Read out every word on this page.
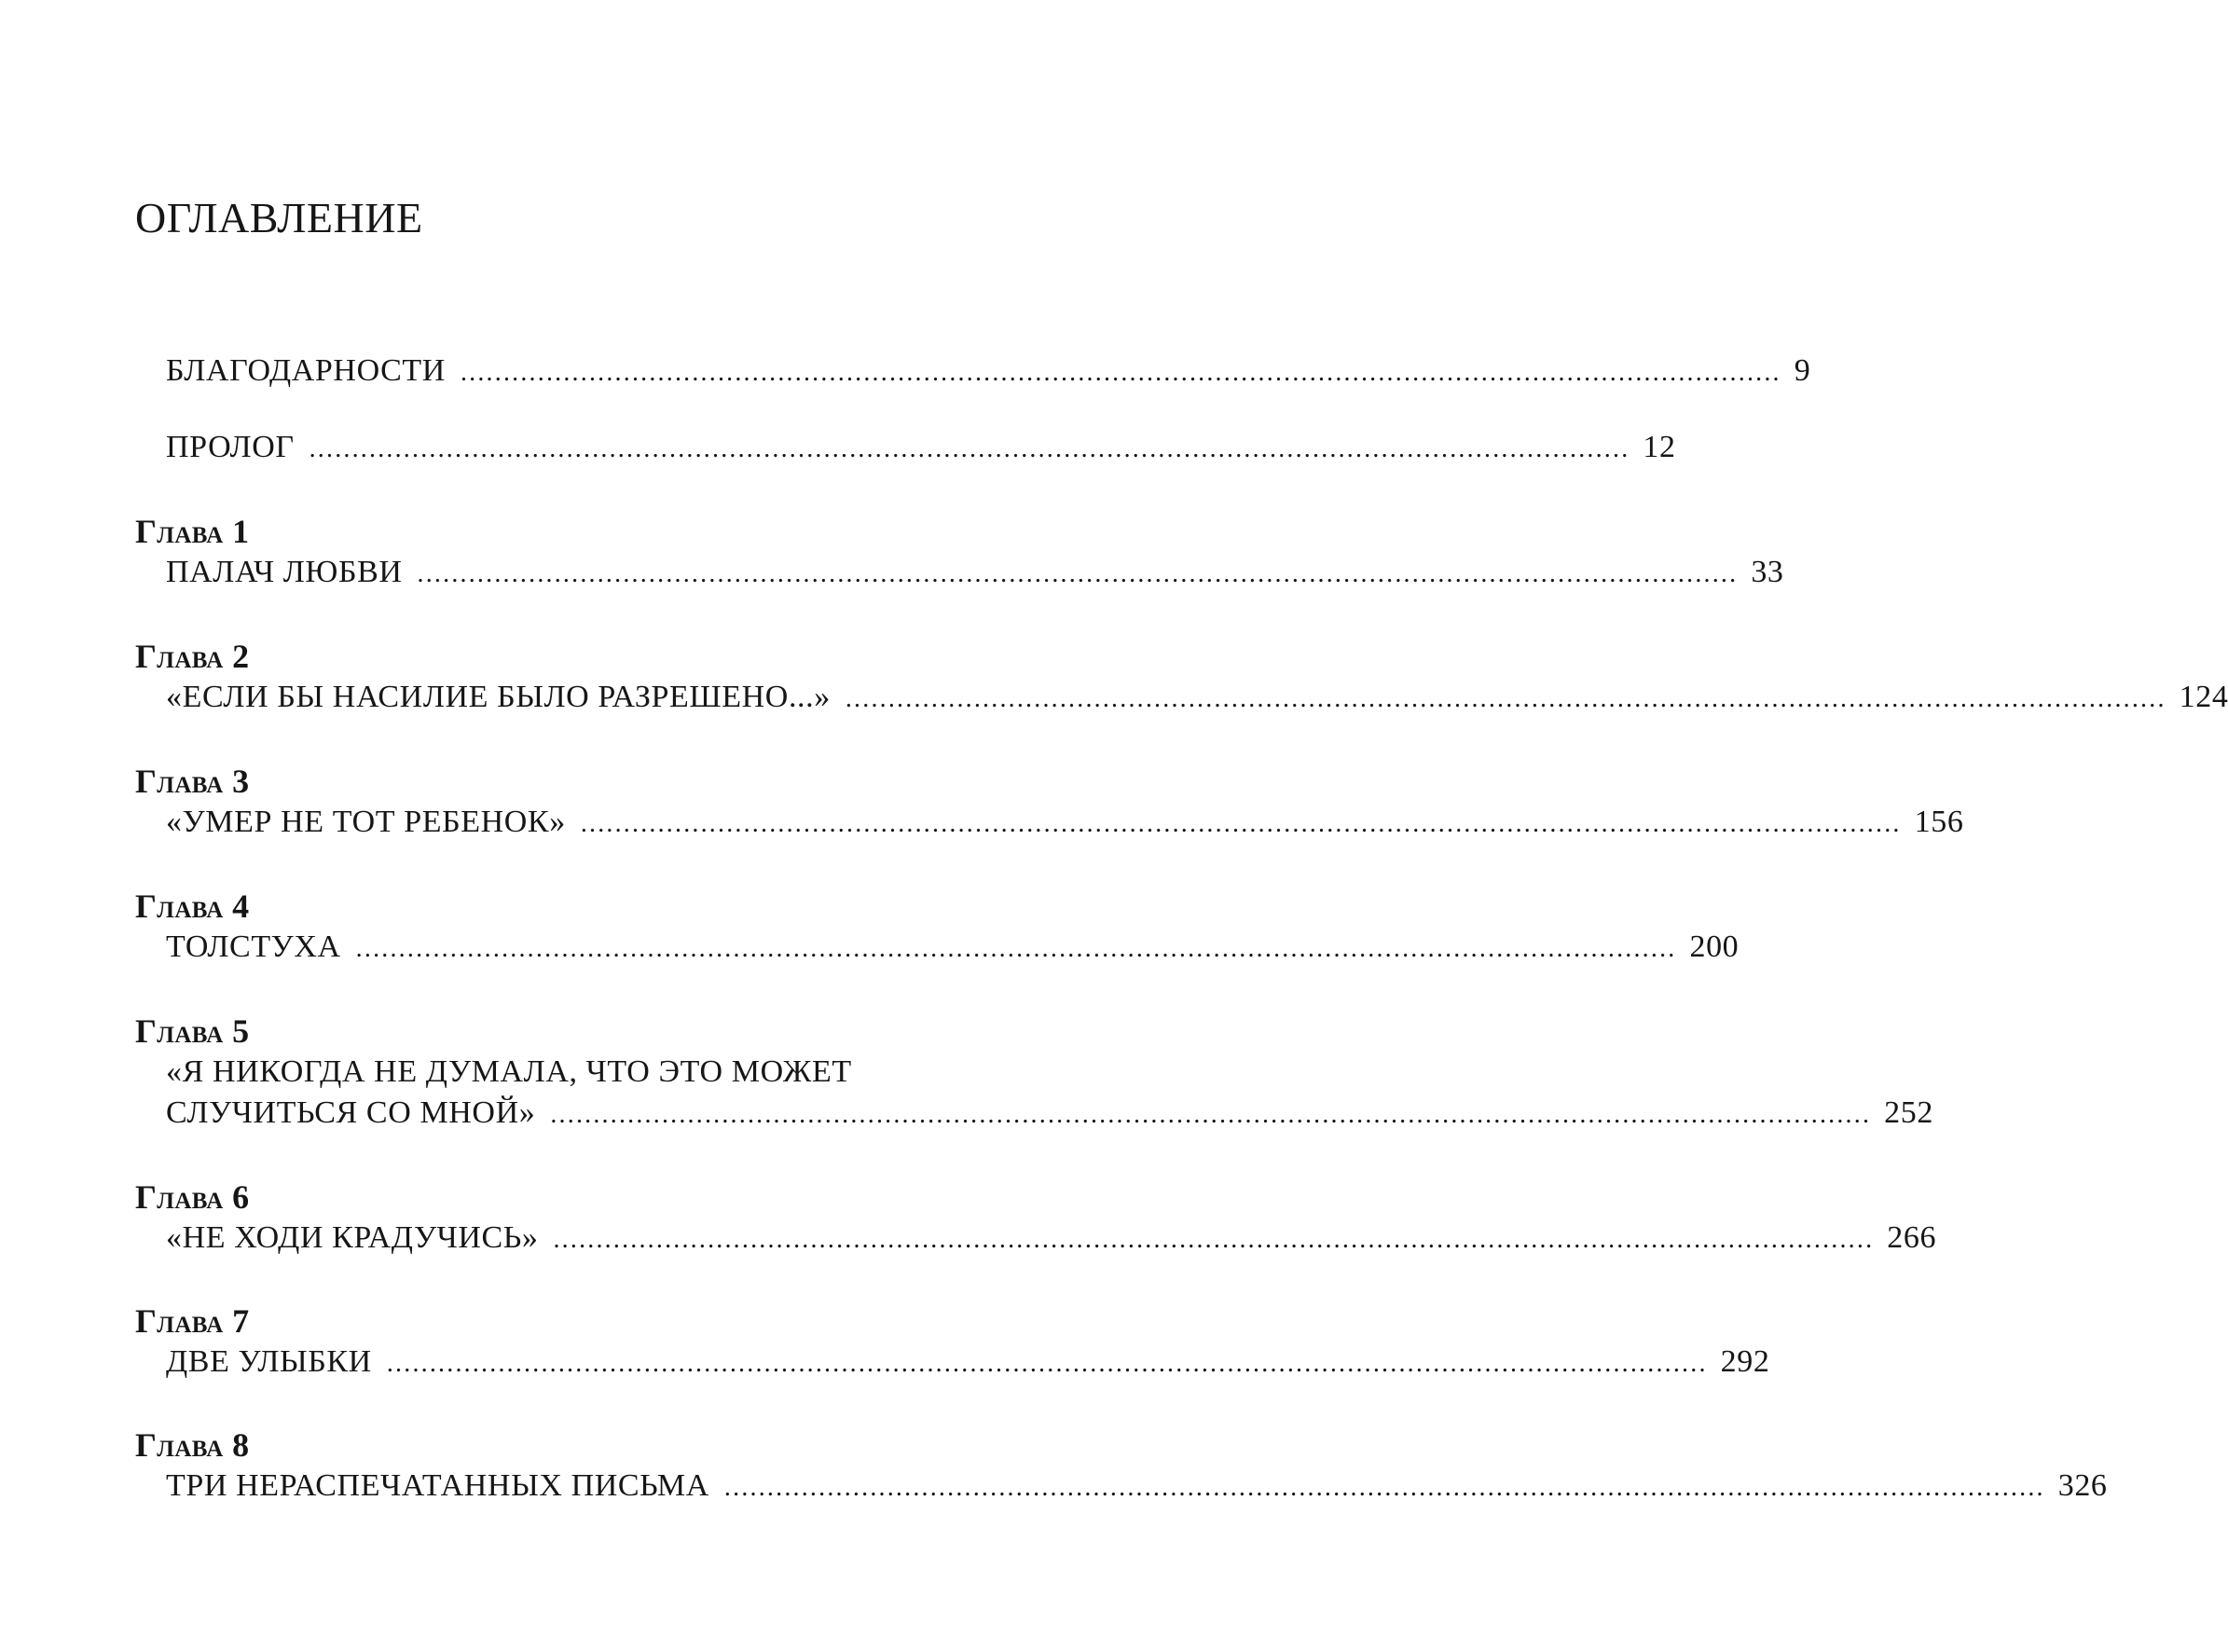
ОГЛАВЛЕНИЕ
БЛАГОДАРНОСТИ .......................................................................................................................................................... 9
ПРОЛОГ .......................................................................................................................................................... 12
Глава 1
ПАЛАЧ ЛЮБВИ .......................................................................................................................................................... 33
Глава 2
«ЕСЛИ БЫ НАСИЛИЕ БЫЛО РАЗРЕШЕНО...» .......................................................................................................................................................... 124
Глава 3
«УМЕР НЕ ТОТ РЕБЕНОК» .......................................................................................................................................................... 156
Глава 4
ТОЛСТУХА .......................................................................................................................................................... 200
Глава 5
«Я НИКОГДА НЕ ДУМАЛА, ЧТО ЭТО МОЖЕТ
СЛУЧИТЬСЯ СО МНОЙ» .......................................................................................................................................................... 252
Глава 6
«НЕ ХОДИ КРАДУЧИСЬ» .......................................................................................................................................................... 266
Глава 7
ДВЕ УЛЫБКИ .......................................................................................................................................................... 292
Глава 8
ТРИ НЕРАСПЕЧАТАННЫХ ПИСЬМА .......................................................................................................................................................... 326
